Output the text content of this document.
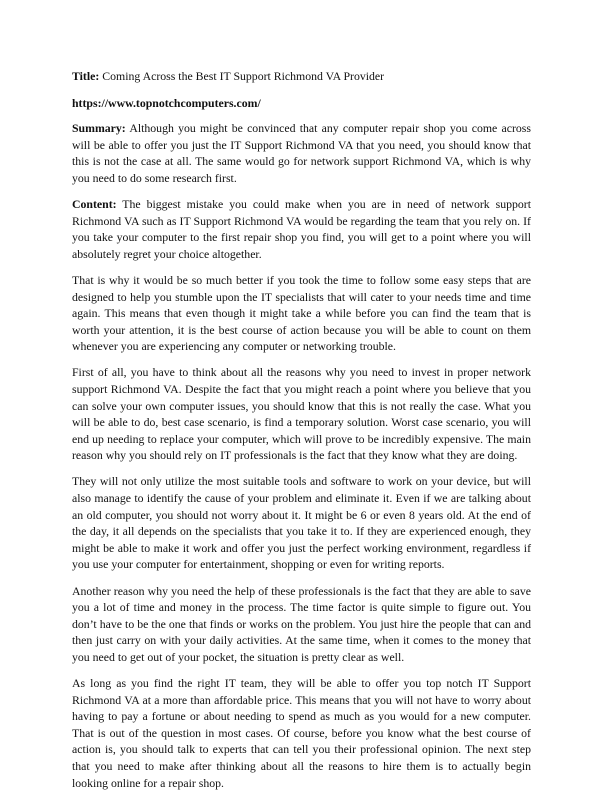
Title: Coming Across the Best IT Support Richmond VA Provider

https://www.topnotchcomputers.com/

Summary: Although you might be convinced that any computer repair shop you come across will be able to offer you just the IT Support Richmond VA that you need, you should know that this is not the case at all. The same would go for network support Richmond VA, which is why you need to do some research first.

Content: The biggest mistake you could make when you are in need of network support Richmond VA such as IT Support Richmond VA would be regarding the team that you rely on. If you take your computer to the first repair shop you find, you will get to a point where you will absolutely regret your choice altogether.

That is why it would be so much better if you took the time to follow some easy steps that are designed to help you stumble upon the IT specialists that will cater to your needs time and time again. This means that even though it might take a while before you can find the team that is worth your attention, it is the best course of action because you will be able to count on them whenever you are experiencing any computer or networking trouble.

First of all, you have to think about all the reasons why you need to invest in proper network support Richmond VA. Despite the fact that you might reach a point where you believe that you can solve your own computer issues, you should know that this is not really the case. What you will be able to do, best case scenario, is find a temporary solution. Worst case scenario, you will end up needing to replace your computer, which will prove to be incredibly expensive. The main reason why you should rely on IT professionals is the fact that they know what they are doing.

They will not only utilize the most suitable tools and software to work on your device, but will also manage to identify the cause of your problem and eliminate it. Even if we are talking about an old computer, you should not worry about it. It might be 6 or even 8 years old. At the end of the day, it all depends on the specialists that you take it to. If they are experienced enough, they might be able to make it work and offer you just the perfect working environment, regardless if you use your computer for entertainment, shopping or even for writing reports.

Another reason why you need the help of these professionals is the fact that they are able to save you a lot of time and money in the process. The time factor is quite simple to figure out. You don’t have to be the one that finds or works on the problem. You just hire the people that can and then just carry on with your daily activities. At the same time, when it comes to the money that you need to get out of your pocket, the situation is pretty clear as well.

As long as you find the right IT team, they will be able to offer you top notch IT Support Richmond VA at a more than affordable price. This means that you will not have to worry about having to pay a fortune or about needing to spend as much as you would for a new computer. That is out of the question in most cases. Of course, before you know what the best course of action is, you should talk to experts that can tell you their professional opinion. The next step that you need to make after thinking about all the reasons to hire them is to actually begin looking online for a repair shop.
